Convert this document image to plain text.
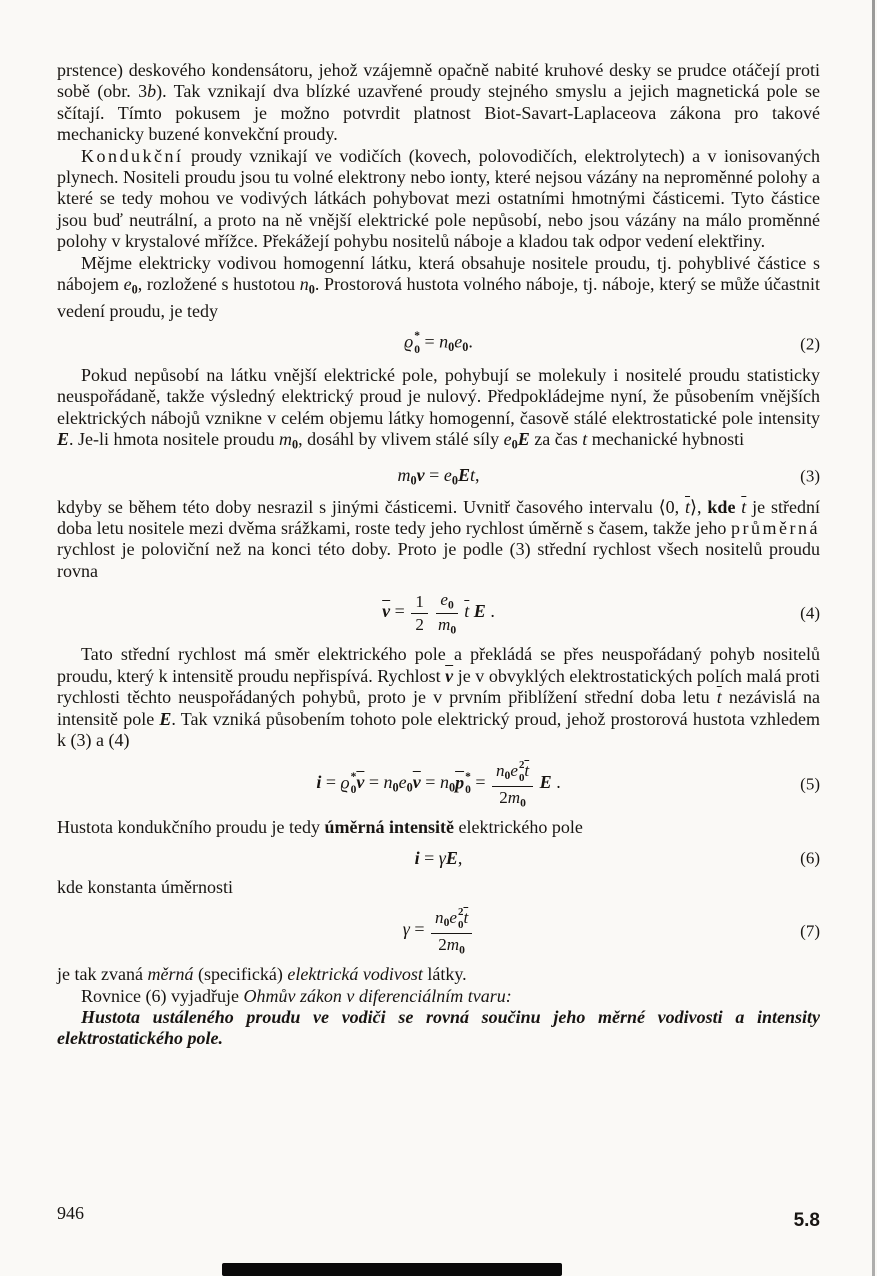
prstence) deskového kondensátoru, jehož vzájemně opačně nabité kruhové desky se prudce otáčejí proti sobě (obr. 3b). Tak vznikají dva blízké uzavřené proudy stejného smyslu a jejich magnetická pole se sčítají. Tímto pokusem je možno potvrdit platnost Biot-Savart-Laplaceova zákona pro takové mechanicky buzené konvekční proudy.

Kondukční proudy vznikají ve vodičích (kovech, polovodičích, elektrolytech) a v ionisovaných plynech. Nositeli proudu jsou tu volné elektrony nebo ionty, které nejsou vázány na neproměnné polohy a které se tedy mohou ve vodivých látkách pohybovat mezi ostatními hmotnými částicemi. Tyto částice jsou buď neutrální, a proto na ně vnější elektrické pole nepůsobí, nebo jsou vázány na málo proměnné polohy v krystalové mřížce. Překážejí pohybu nositelů náboje a kladou tak odpor vedení elektřiny.

Mějme elektricky vodivou homogenní látku, která obsahuje nositele proudu, tj. pohyblivé částice s nábojem e0, rozložené s hustotou n0. Prostorová hustota volného náboje, tj. náboje, který se může účastnit vedení proudu, je tedy

ϱ *
0 = n0e0.	(2)

Pokud nepůsobí na látku vnější elektrické pole, pohybují se molekuly i nositelé proudu statisticky neuspořádaně, takže výsledný elektrický proud je nulový. Předpokládejme nyní, že působením vnějších elektrických nábojů vznikne v celém objemu látky homogenní, časově stálé elektrostatické pole intensity E. Je-li hmota nositele proudu m0, dosáhl by vlivem stálé síly e0E za čas t mechanické hybnosti

m0v = e0Et,	(3)

kdyby se během této doby nesrazil s jinými částicemi. Uvnitř časového intervalu ⟨0, $\overline{t}⟩$, kde $\overline{t}$ je střední doba letu nositele mezi dvěma srážkami, roste tedy jeho rychlost úměrně s časem, takže jeho průměrná rychlost je poloviční než na konci této doby. Proto je podle (3) střední rychlost všech nositelů proudu rovna

$\overline{v} = \frac{1}{2}$
$\frac{e0}{m0} \overline{t}$ E .	(4)

Tato střední rychlost má směr elektrického pole a překládá se přes neuspořádaný pohyb nositelů proudu, který k intensitě proudu nepřispívá. Rychlost $\overline{v}$ je v obvyklých elektrostatických polích malá proti rychlosti těchto neuspořádaných pohybů, proto je v prvním přiblížení střední doba letu $\overline{t}$ nezávislá na intensitě pole E. Tak vzniká působením tohoto pole elektrický proud, jehož prostorová hustota vzhledem k (3) a (4)

i = ϱ *
0 $\overline{v} = n0e0\overline{v} = n0\overline{p}$ *
0 = n0e 2
0 $\overline{t}$
2m0 E .	(5)

Hustota kondukčního proudu je tedy úměrná intensitě elektrického pole

i = γE,	(6)

kde konstanta úměrnosti

γ = n0e 2
0 $\overline{t}$
2m0	(7)

je tak zvaná měrná (specifická) elektrická vodivost látky.

Rovnice (6) vyjadřuje Ohmův zákon v diferenciálním tvaru:

Hustota ustáleného proudu ve vodiči se rovná součinu jeho měrné vodivosti a intensity elektrostatického pole.

946	5.8
